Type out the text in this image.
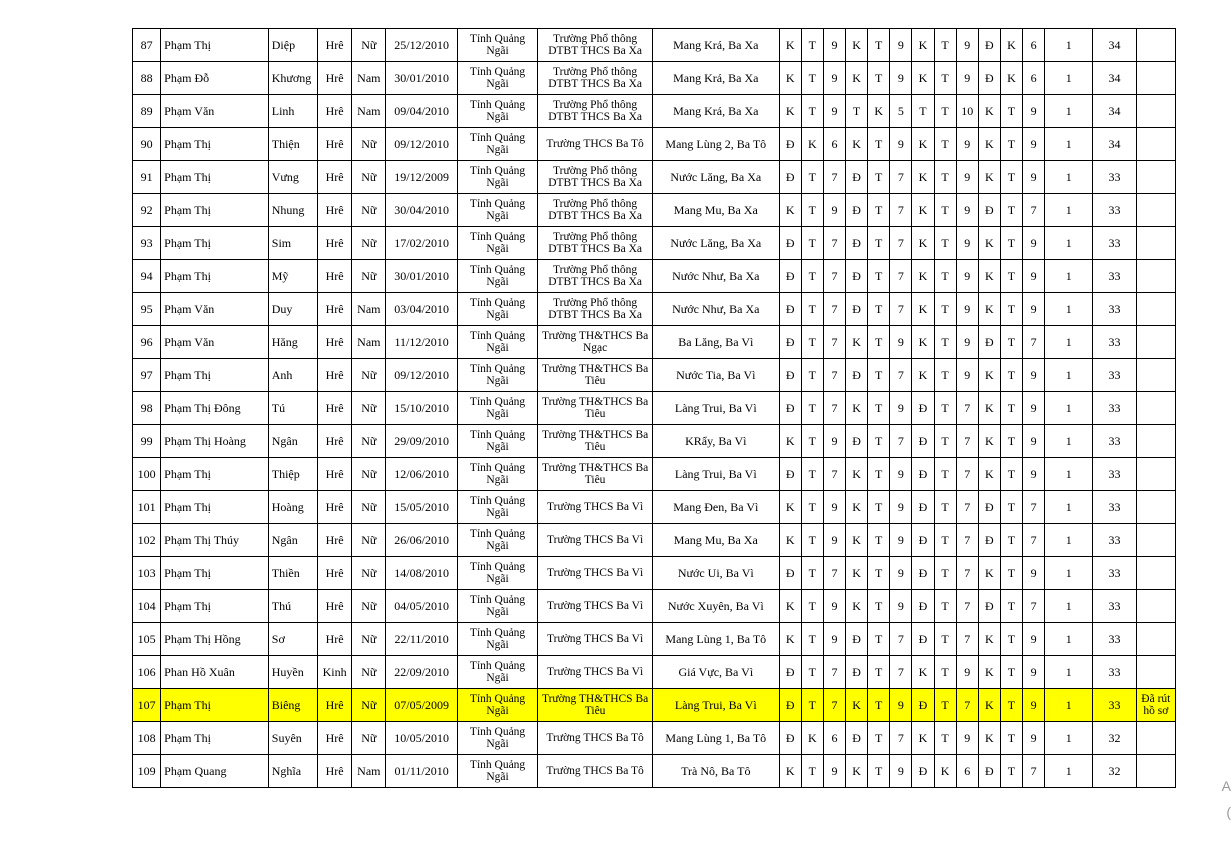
87	Phạm Thị	Diệp	Hrê	Nữ	25/12/2010	Tỉnh Quảng Ngãi	Trường Phổ thông DTBT THCS Ba Xa	Mang Krá, Ba Xa	K	T	9	K	T	9	K	T	9	Đ	K	6	1	34	
88	Phạm Đỗ	Khương	Hrê	Nam	30/01/2010	Tỉnh Quảng Ngãi	Trường Phổ thông DTBT THCS Ba Xa	Mang Krá, Ba Xa	K	T	9	K	T	9	K	T	9	Đ	K	6	1	34	
89	Phạm Văn	Linh	Hrê	Nam	09/04/2010	Tỉnh Quảng Ngãi	Trường Phổ thông DTBT THCS Ba Xa	Mang Krá, Ba Xa	K	T	9	T	K	5	T	T	10	K	T	9	1	34	
90	Phạm Thị	Thiện	Hrê	Nữ	09/12/2010	Tỉnh Quảng Ngãi	Trường THCS Ba Tô	Mang Lùng 2, Ba Tô	Đ	K	6	K	T	9	K	T	9	K	T	9	1	34	
91	Phạm Thị	Vưng	Hrê	Nữ	19/12/2009	Tỉnh Quảng Ngãi	Trường Phổ thông DTBT THCS Ba Xa	Nước Lăng, Ba Xa	Đ	T	7	Đ	T	7	K	T	9	K	T	9	1	33	
92	Phạm Thị	Nhung	Hrê	Nữ	30/04/2010	Tỉnh Quảng Ngãi	Trường Phổ thông DTBT THCS Ba Xa	Mang Mu, Ba Xa	K	T	9	Đ	T	7	K	T	9	Đ	T	7	1	33	
93	Phạm Thị	Sim	Hrê	Nữ	17/02/2010	Tỉnh Quảng Ngãi	Trường Phổ thông DTBT THCS Ba Xa	Nước Lăng, Ba Xa	Đ	T	7	Đ	T	7	K	T	9	K	T	9	1	33	
94	Phạm Thị	Mỹ	Hrê	Nữ	30/01/2010	Tỉnh Quảng Ngãi	Trường Phổ thông DTBT THCS Ba Xa	Nước Như, Ba Xa	Đ	T	7	Đ	T	7	K	T	9	K	T	9	1	33	
95	Phạm Văn	Duy	Hrê	Nam	03/04/2010	Tỉnh Quảng Ngãi	Trường Phổ thông DTBT THCS Ba Xa	Nước Như, Ba Xa	Đ	T	7	Đ	T	7	K	T	9	K	T	9	1	33	
96	Phạm Văn	Hăng	Hrê	Nam	11/12/2010	Tỉnh Quảng Ngãi	Trường TH&THCS Ba Ngạc	Ba Lăng, Ba Vì	Đ	T	7	K	T	9	K	T	9	Đ	T	7	1	33	
97	Phạm Thị	Anh	Hrê	Nữ	09/12/2010	Tỉnh Quảng Ngãi	Trường TH&THCS Ba Tiêu	Nước Tia, Ba Vì	Đ	T	7	Đ	T	7	K	T	9	K	T	9	1	33	
98	Phạm Thị Đông	Tú	Hrê	Nữ	15/10/2010	Tỉnh Quảng Ngãi	Trường TH&THCS Ba Tiêu	Làng Trui, Ba Vì	Đ	T	7	K	T	9	Đ	T	7	K	T	9	1	33	
99	Phạm Thị Hoàng	Ngân	Hrê	Nữ	29/09/2010	Tỉnh Quảng Ngãi	Trường TH&THCS Ba Tiêu	KRẩy, Ba Vì	K	T	9	Đ	T	7	Đ	T	7	K	T	9	1	33	
100	Phạm Thị	Thiệp	Hrê	Nữ	12/06/2010	Tỉnh Quảng Ngãi	Trường TH&THCS Ba Tiêu	Làng Trui, Ba Vì	Đ	T	7	K	T	9	Đ	T	7	K	T	9	1	33	
101	Phạm Thị	Hoàng	Hrê	Nữ	15/05/2010	Tỉnh Quảng Ngãi	Trường THCS Ba Vì	Mang Đen, Ba Vì	K	T	9	K	T	9	Đ	T	7	Đ	T	7	1	33	
102	Phạm Thị Thúy	Ngân	Hrê	Nữ	26/06/2010	Tỉnh Quảng Ngãi	Trường THCS Ba Vì	Mang Mu, Ba Xa	K	T	9	K	T	9	Đ	T	7	Đ	T	7	1	33	
103	Phạm Thị	Thiền	Hrê	Nữ	14/08/2010	Tỉnh Quảng Ngãi	Trường THCS Ba Vì	Nước Ui, Ba Vì	Đ	T	7	K	T	9	Đ	T	7	K	T	9	1	33	
104	Phạm Thị	Thú	Hrê	Nữ	04/05/2010	Tỉnh Quảng Ngãi	Trường THCS Ba Vì	Nước Xuyên, Ba Vì	K	T	9	K	T	9	Đ	T	7	Đ	T	7	1	33	
105	Phạm Thị Hồng	Sơ	Hrê	Nữ	22/11/2010	Tỉnh Quảng Ngãi	Trường THCS Ba Vì	Mang Lùng 1, Ba Tô	K	T	9	Đ	T	7	Đ	T	7	K	T	9	1	33	
106	Phan Hồ Xuân	Huyền	Kinh	Nữ	22/09/2010	Tỉnh Quảng Ngãi	Trường THCS Ba Vì	Giá Vực, Ba Vì	Đ	T	7	Đ	T	7	K	T	9	K	T	9	1	33	
107	Phạm Thị	Biêng	Hrê	Nữ	07/05/2009	Tỉnh Quảng Ngãi	Trường TH&THCS Ba Tiêu	Làng Trui, Ba Vì	Đ	T	7	K	T	9	Đ	T	7	K	T	9	1	33	Đã rút hồ sơ
108	Phạm Thị	Suyên	Hrê	Nữ	10/05/2010	Tỉnh Quảng Ngãi	Trường THCS Ba Tô	Mang Lùng 1, Ba Tô	Đ	K	6	Đ	T	7	K	T	9	K	T	9	1	32	
109	Phạm Quang	Nghĩa	Hrê	Nam	01/11/2010	Tỉnh Quảng Ngãi	Trường THCS Ba Tô	Trà Nô, Ba Tô	K	T	9	K	T	9	Đ	K	6	Đ	T	7	1	32	
A
(
